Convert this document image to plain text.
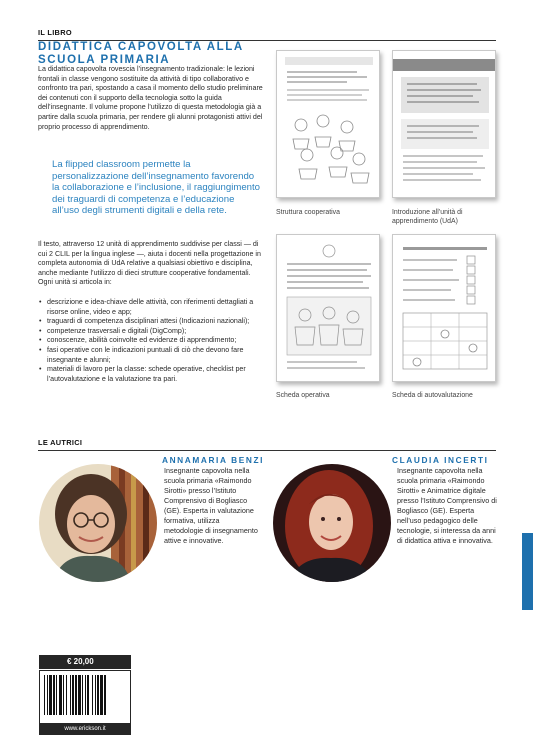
IL LIBRO
DIDATTICA CAPOVOLTA ALLA
SCUOLA PRIMARIA

La didattica capovolta rovescia l’insegnamento tradizionale: le lezioni frontali in classe vengono sostituite da attività di tipo collaborativo e confronto tra pari, spostando a casa il momento dello studio preliminare dei contenuti con il supporto della tecnologia sotto la guida dell’insegnante. Il volume propone l’utilizzo di questa metodologia già a partire dalla scuola primaria, per rendere gli alunni protagonisti attivi del proprio processo di apprendimento.

La flipped classroom permette la personalizzazione dell’insegnamento favorendo la collaborazione e l’inclusione, il raggiungimento dei traguardi di competenza e l’educazione all’uso degli strumenti digitali e della rete.

Il testo, attraverso 12 unità di apprendimento suddivise per classi — di cui 2 CLIL per la lingua inglese —, aiuta i docenti nella progettazione in completa autonomia di UdA relative a qualsiasi obiettivo e disciplina, anche mediante l’utilizzo di dieci strutture cooperative fondamentali.
Ogni unità si articola in:
• descrizione e idea-chiave delle attività, con riferimenti dettagliati a risorse online, video e app;
• traguardi di competenza disciplinari attesi (Indicazioni nazionali);
• competenze trasversali e digitali (DigComp);
• conoscenze, abilità coinvolte ed evidenze di apprendimento;
• fasi operative con le indicazioni puntuali di ciò che devono fare insegnante e alunni;
• materiali di lavoro per la classe: schede operative, checklist per l’autovalutazione e la valutazione tra pari.
Struttura cooperativa	Introduzione all’unità di apprendimento (UdA)
Scheda operativa	Scheda di autovalutazione
LE AUTRICI
ANNAMARIA BENZI

Insegnante capovolta nella scuola primaria «Raimondo Sirotti» presso l’Istituto Comprensivo di Bogliasco (GE). Esperta in valutazione formativa, utilizza metodologie di insegnamento attive e innovative.

CLAUDIA INCERTI

Insegnante capovolta nella scuola primaria «Raimondo Sirotti» e Animatrice digitale presso l’Istituto Comprensivo di Bogliasco (GE). Esperta nell’uso pedagogico delle tecnologie, si interessa da anni di didattica attiva e innovativa.

€ 20,00
www.erickson.it
